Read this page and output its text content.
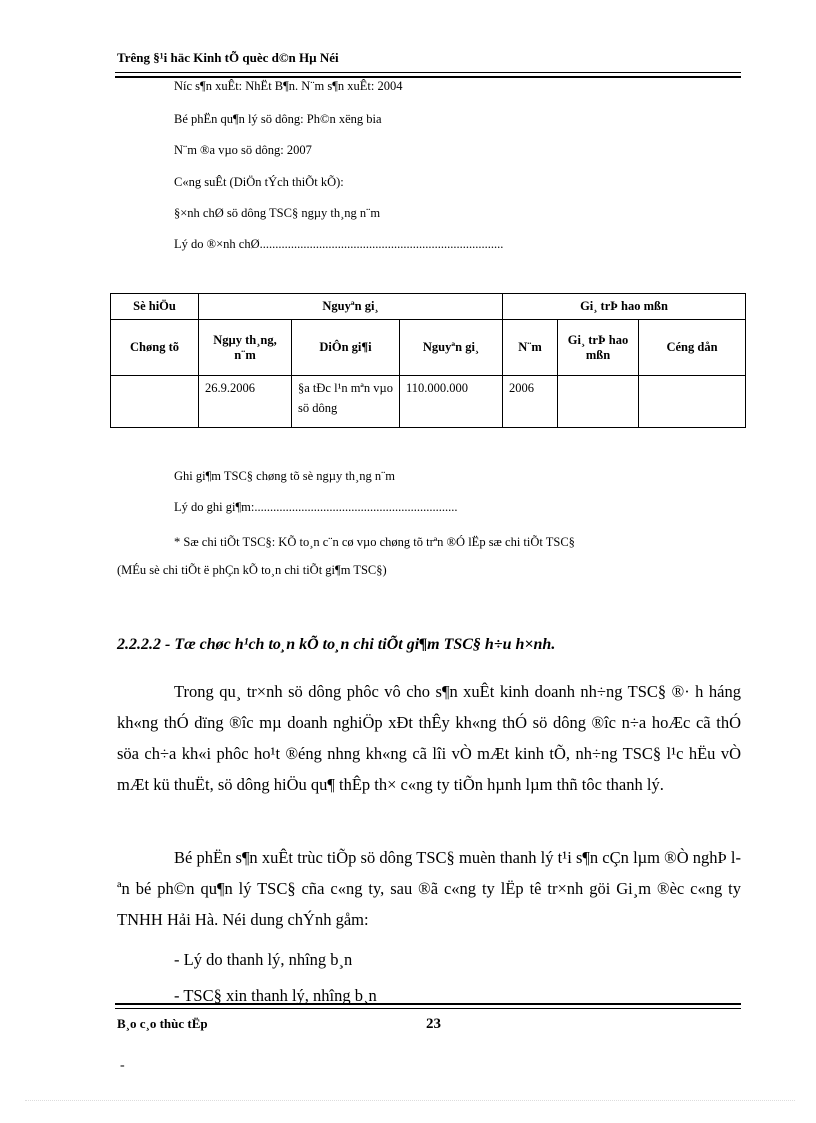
Trêng §¹i häc Kinh tÕ quèc d©n Hµ Néi
Níc s¶n xuÊt: NhËt B¶n. N¨m s¶n xuÊt: 2004
Bé phËn qu¶n lý sö dông: Ph©n xëng bia
N¨m ®a vµo sö dông: 2007
C«ng suÊt (DiÖn tÝch thiÕt kÕ):
§×nh chØ sö dông TSC§ ngµy th¸ng n¨m
Lý do ®×nh chØ..............................................................................
Sè hiÖu	Nguyªn gi¸			Gi¸ trÞ hao mßn		
Chøng tõ	Ngµy th¸ng, n¨m	DiÔn gi¶i	Nguyªn gi¸	N¨m	Gi¸ trÞ hao mßn	Céng dån
	26.9.2006	§a tÐc l¹n mªn vµo sö dông	110.000.000	2006		
Ghi gi¶m TSC§ chøng tõ sè ngµy th¸ng n¨m
Lý do ghi gi¶m:.................................................................
* Sæ chi tiÕt TSC§: KÕ to¸n c¨n cø vµo chøng tõ trªn ®Ó lËp sæ chi tiÕt TSC§
(MÉu sè chi tiÕt ë phÇn kÕ to¸n chi tiÕt gi¶m TSC§)
2.2.2.2 - Tæ chøc h¹ch to¸n kÕ to¸n chi tiÕt gi¶m TSC§ h÷u h×nh.
Trong qu¸ tr×nh sö dông phôc vô cho s¶n xuÊt kinh doanh nh÷ng TSC§ ®· h háng kh«ng thÓ dïng ®îc mµ doanh nghiÖp xÐt thÊy kh«ng thÓ sö dông ®îc n÷a hoÆc cã thÓ söa ch÷a kh«i phôc ho¹t ®éng nhng kh«ng cã lîi vÒ mÆt kinh tÕ, nh÷ng TSC§ l¹c hËu vÒ mÆt kü thuËt, sö dông hiÖu qu¶ thÊp th× c«ng ty tiÕn hµnh lµm thñ tôc thanh lý.
Bé phËn s¶n xuÊt trùc tiÕp sö dông TSC§ muèn thanh lý t¹i s¶n cÇn lµm ®Ò nghÞ lªn bé ph©n qu¶n lý TSC§ cña c«ng ty, sau ®ã c«ng ty lËp tê tr×nh göi Gi¸m ®èc c«ng ty TNHH Hải Hà. Néi dung chÝnh gåm:
- Lý do thanh lý, nhîng b¸n
- TSC§ xin thanh lý, nhîng b¸n
B¸o c¸o thùc tËp	23
-
